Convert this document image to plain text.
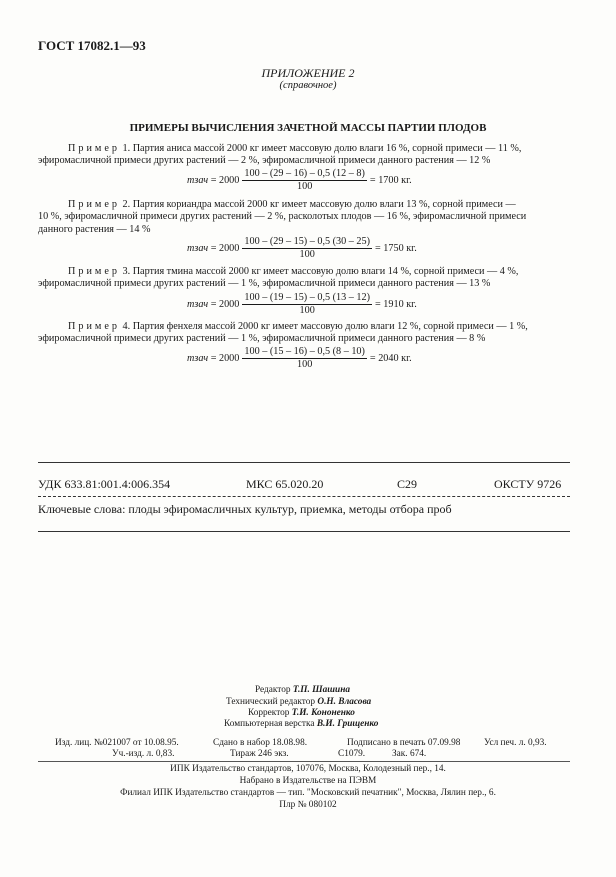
ГОСТ 17082.1—93
ПРИЛОЖЕНИЕ 2
(справочное)
ПРИМЕРЫ ВЫЧИСЛЕНИЯ ЗАЧЕТНОЙ МАССЫ ПАРТИИ ПЛОДОВ
Пример 1. Партия аниса массой 2000 кг имеет массовую долю влаги 16 %, сорной примеси — 11 %,
эфиромасличной примеси других растений — 2 %, эфиромасличной примеси данного растения — 12 %
mзач
= $2000 \frac{100 - (29 - 16) - 0,5 (12 - 8)}{100} = 1700$ кг.
Пример 2. Партия кориандра массой 2000 кг имеет массовую долю влаги 13 %, сорной примеси —
10 %, эфиромасличной примеси других растений — 2 %, расколотых плодов — 16 %, эфиромасличной примеси
данного растения — 14 %
mзач
= $2000 \frac{100 - (29 - 15) - 0,5 (30 - 25)}{100} = 1750$ кг.
Пример 3. Партия тмина массой 2000 кг имеет массовую долю влаги 14 %, сорной примеси — 4 %,
эфиромасличной примеси других растений — 1 %, эфиромасличной примеси данного растения — 13 %
mзач
= $2000 \frac{100 - (19 - 15) - 0,5 (13 - 12)}{100} = 1910$ кг.
Пример 4. Партия фенхеля массой 2000 кг имеет массовую долю влаги 12 %, сорной примеси — 1 %,
эфиромасличной примеси других растений — 1 %, эфиромасличной примеси данного растения — 8 %
mзач
= $2000 \frac{100 - (15 - 16) - 0,5 (8 - 10)}{100} = 2040$ кг.
УДК 633.81:001.4:006.354	МКС 65.020.20	С29	ОКСТУ 9726
Ключевые слова: плоды эфиромасличных культур, приемка, методы отбора проб
Редактор Т.П. Шашина
Технический редактор О.Н. Власова
Корректор Т.И. Кононенко
Компьютерная верстка В.И. Грищенко
Изд. лиц. №021007 от 10.08.95.	Сдано в набор 18.08.98.	Подписано в печать 07.09.98	Усл печ. л. 0,93.
Уч.-изд. л. 0,83.	Тираж 246 экз.	С1079.	Зак. 674.
ИПК Издательство стандартов, 107076, Москва, Колодезный пер., 14.
Набрано в Издательстве на ПЭВМ
Филиал ИПК Издательство стандартов — тип. "Московский печатник", Москва, Лялин пер., 6.
Плр № 080102
